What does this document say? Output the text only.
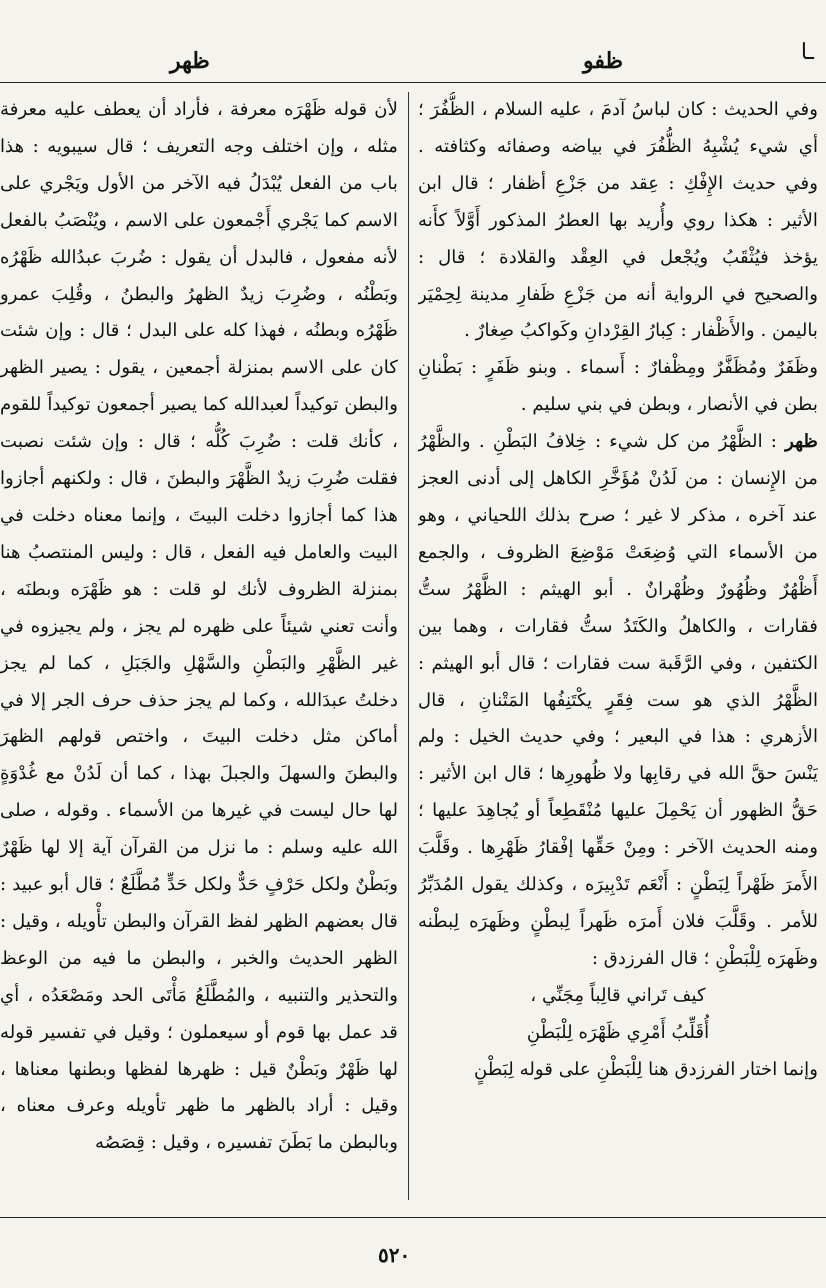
ـا
ظفو
ظهر

وفي الحديث : كان لباسُ آدمَ ، عليه السلام ، الظُّفُرَ ؛ أي شيء يُشْبِهُ الظُّفُرَ في بياضه وصفائه وكثافته . وفي حديث الإِفْكِ : عِقد من جَزْعِ أظفار ؛ قال ابن الأثير : هكذا روي وأُريد بها العطرُ المذكور أَوَّلاً كأَنه يؤخذ فيُثْقَبُ ويُجْعل في العِقْد والقلادة ؛ قال : والصحيح في الرواية أنه من جَزْعِ ظَفارِ مدينة لِحِمْيَر باليمن . والأَظْفار : كِبارُ القِرْدانِ وكَواكبُ صِغارٌ .

وظَفَرٌ ومُظَفَّرٌ ومِظْفارٌ : أَسماء . وبنو ظَفَرٍ : بَطْنانِ بطن في الأنصار ، وبطن في بني سليم .

ظهر : الظَّهْرُ من كل شيء : خِلافُ البَطْنِ . والظَّهْرُ من الإِنسان : من لَدُنْ مُؤَخَّرِ الكاهل إلى أدنى العجز عند آخره ، مذكر لا غير ؛ صرح بذلك اللحياني ، وهو من الأسماء التي وُضِعَتْ مَوْضِعَ الظروف ، والجمع أَظْهُرٌ وظُهُورٌ وظُهْرانٌ . أبو الهيثم : الظَّهْرُ ستُّ فقارات ، والكاهلُ والكَتَدُ ستُّ فقارات ، وهما بين الكتفين ، وفي الرَّقَبة ست فقارات ؛ قال أبو الهيثم : الظَّهْرُ الذي هو ست فِقَرٍ يكْتَنِفُها المَتْنانِ ، قال الأزهري : هذا في البعير ؛ وفي حديث الخيل : ولم يَنْسَ حقَّ الله في رقابِها ولا ظُهورِها ؛ قال ابن الأثير : حَقُّ الظهور أن يَحْمِلَ عليها مُنْقَطِعاً أو يُجاهِدَ عليها ؛ ومنه الحديث الآخر : ومِنْ حَقِّها إفْقارُ ظَهْرِها . وقَلَّبَ الأَمرَ ظَهْراً لِبَطْنٍ : أَنْعَم تَدْبِيرَه ، وكذلك يقول المُدَبِّرُ للأمر . وقَلَّبَ فلان أَمرَه ظَهراً لِبطْنٍ وظَهرَه لِبطْنه وظَهرَه لِلْبَطْنِ ؛ قال الفرزدق :

كيف تَراني قالِباً مِجَنِّي ،

أُقَلِّبُ أَمْرِي ظَهْرَه لِلْبَطْنِ

وإنما اختار الفرزدق هنا لِلْبَطْنِ على قوله لِبَطْنٍ

لأن قوله ظَهْرَه معرفة ، فأراد أن يعطف عليه معرفة مثله ، وإن اختلف وجه التعريف ؛ قال سيبويه : هذا باب من الفعل يُبْدَلُ فيه الآخر من الأول ويَجْري على الاسم كما يَجْري أَجْمعون على الاسم ، ويُنْصَبُ بالفعل لأنه مفعول ، فالبدل أن يقول : ضُربَ عبدُالله ظَهْرُه وبَطْنُه ، وضُرِبَ زيدٌ الظهرُ والبطنُ ، وقُلِبَ عمرو ظَهْرُه وبطنُه ، فهذا كله على البدل ؛ قال : وإن شئت كان على الاسم بمنزلة أجمعين ، يقول : يصير الظهر والبطن توكيداً لعبدالله كما يصير أجمعون توكيداً للقوم ، كأنك قلت : ضُرِبَ كُلُّه ؛ قال : وإن شئت نصبت فقلت ضُرِبَ زيدٌ الظَّهْرَ والبطنَ ، قال : ولكنهم أجازوا هذا كما أجازوا دخلت البيتَ ، وإنما معناه دخلت في البيت والعامل فيه الفعل ، قال : وليس المنتصبُ هنا بمنزلة الظروف لأنك لو قلت : هو ظَهْرَه وبطنَه ، وأنت تعني شيئاً على ظهره لم يجز ، ولم يجيزوه في غير الظَّهْرِ والبَطْنِ والسَّهْلِ والجَبَلِ ، كما لم يجز دخلتُ عبدَالله ، وكما لم يجز حذف حرف الجر إلا في أماكن مثل دخلت البيتَ ، واختص قولهم الظهرَ والبطنَ والسهلَ والجبلَ بهذا ، كما أن لَدُنْ مع غُدْوَةٍ لها حال ليست في غيرها من الأسماء . وقوله ، صلى الله عليه وسلم : ما نزل من القرآن آية إلا لها ظَهْرٌ وبَطْنٌ ولكل حَرْفٍ حَدٌّ ولكل حَدٍّ مُطَّلَعٌ ؛ قال أبو عبيد : قال بعضهم الظهر لفظ القرآن والبطن تأْويله ، وقيل : الظهر الحديث والخبر ، والبطن ما فيه من الوعظ والتحذير والتنبيه ، والمُطَّلَعُ مَأْتَى الحد ومَصْعَدُه ، أي قد عمل بها قوم أو سيعملون ؛ وقيل في تفسير قوله لها ظَهْرٌ وبَطْنٌ قيل : ظهرها لفظها وبطنها معناها ، وقيل : أراد بالظهر ما ظهر تأويله وعرف معناه ، وبالبطن ما بَطَنَ تفسيره ، وقيل : قِصَصُه

٥٢٠
